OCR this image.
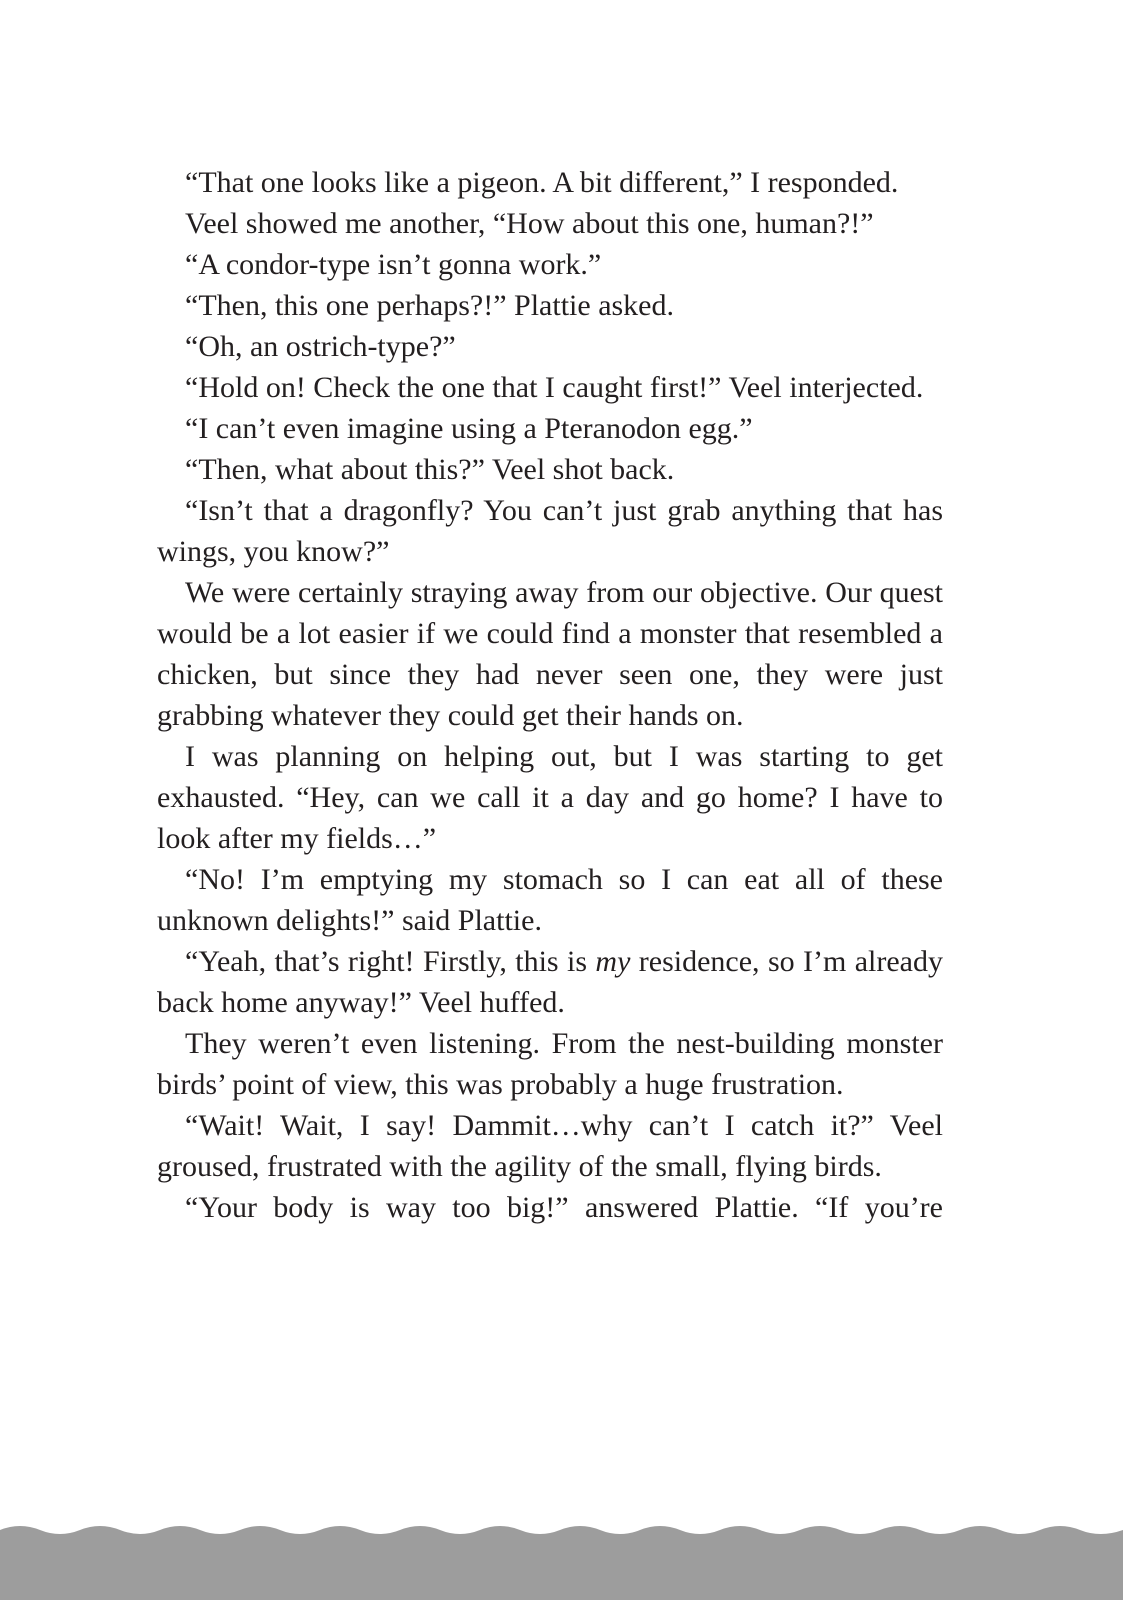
“That one looks like a pigeon. A bit different,” I responded.

Veel showed me another, “How about this one, human?!”

“A condor-type isn’t gonna work.”

“Then, this one perhaps?!” Plattie asked.

“Oh, an ostrich-type?”

“Hold on! Check the one that I caught first!” Veel interjected.

“I can’t even imagine using a Pteranodon egg.”

“Then, what about this?” Veel shot back.

“Isn’t that a dragonfly? You can’t just grab anything that has wings, you know?”

We were certainly straying away from our objective. Our quest would be a lot easier if we could find a monster that resembled a chicken, but since they had never seen one, they were just grabbing whatever they could get their hands on.

I was planning on helping out, but I was starting to get exhausted. “Hey, can we call it a day and go home? I have to look after my fields…”

“No! I’m emptying my stomach so I can eat all of these unknown delights!” said Plattie.

“Yeah, that’s right! Firstly, this is my residence, so I’m already back home anyway!” Veel huffed.

They weren’t even listening. From the nest-building monster birds’ point of view, this was probably a huge frustration.

“Wait! Wait, I say! Dammit…why can’t I catch it?” Veel groused, frustrated with the agility of the small, flying birds.

“Your body is way too big!” answered Plattie. “If you’re
